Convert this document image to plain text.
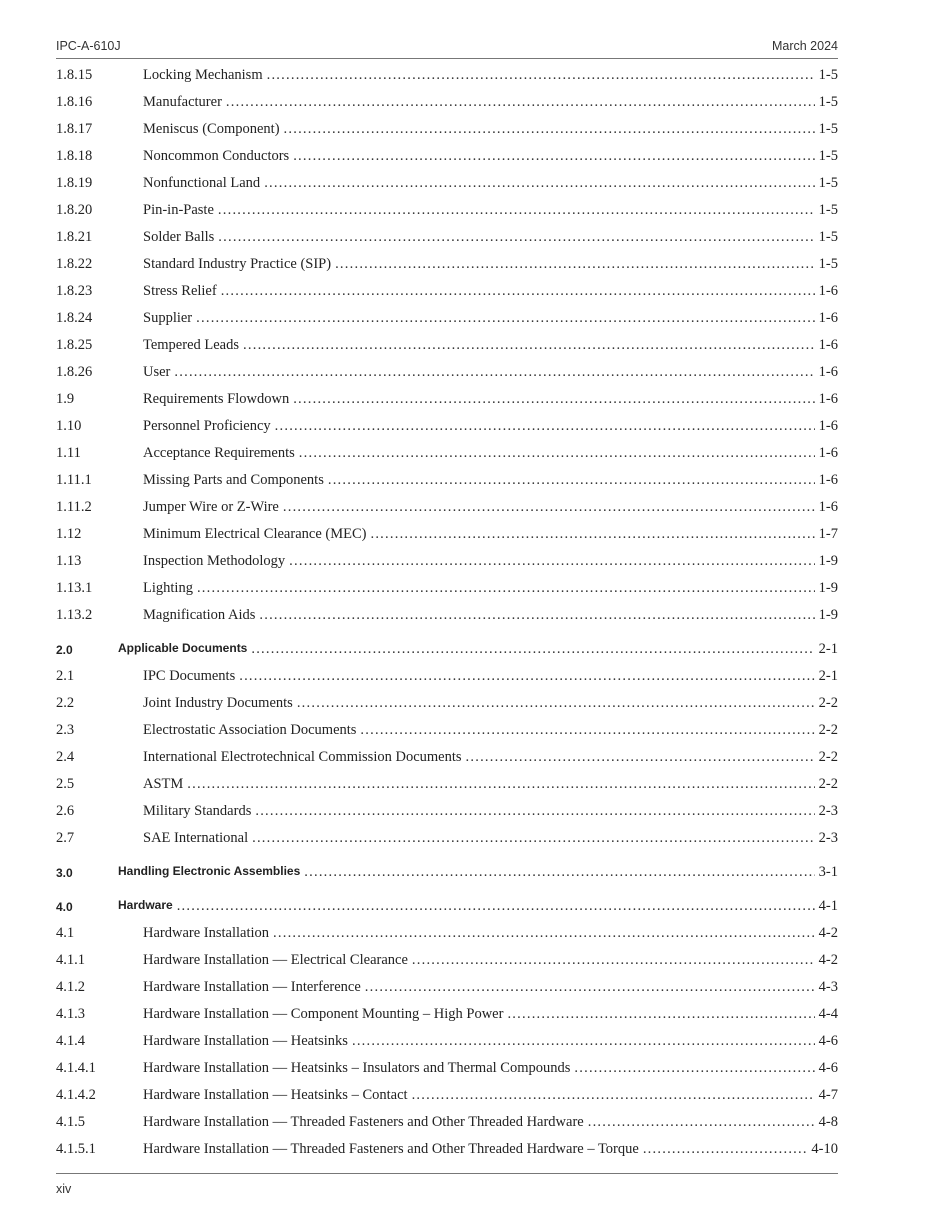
IPC-A-610J	March 2024
1.8.15	Locking Mechanism . . .	1-5
1.8.16	Manufacturer . . .	1-5
1.8.17	Meniscus (Component) . . .	1-5
1.8.18	Noncommon Conductors . . .	1-5
1.8.19	Nonfunctional Land . . .	1-5
1.8.20	Pin-in-Paste . . .	1-5
1.8.21	Solder Balls . . .	1-5
1.8.22	Standard Industry Practice (SIP) . . .	1-5
1.8.23	Stress Relief . . .	1-6
1.8.24	Supplier . . .	1-6
1.8.25	Tempered Leads . . .	1-6
1.8.26	User . . .	1-6
1.9	Requirements Flowdown . . .	1-6
1.10	Personnel Proficiency . . .	1-6
1.11	Acceptance Requirements . . .	1-6
1.11.1	Missing Parts and Components . . .	1-6
1.11.2	Jumper Wire or Z-Wire . . .	1-6
1.12	Minimum Electrical Clearance (MEC) . . .	1-7
1.13	Inspection Methodology . . .	1-9
1.13.1	Lighting . . .	1-9
1.13.2	Magnification Aids . . .	1-9
2.0	Applicable Documents . . .	2-1
2.1	IPC Documents . . .	2-1
2.2	Joint Industry Documents . . .	2-2
2.3	Electrostatic Association Documents . . .	2-2
2.4	International Electrotechnical Commission Documents . . .	2-2
2.5	ASTM . . .	2-2
2.6	Military Standards . . .	2-3
2.7	SAE International . . .	2-3
3.0	Handling Electronic Assemblies . . .	3-1
4.0	Hardware . . .	4-1
4.1	Hardware Installation . . .	4-2
4.1.1	Hardware Installation — Electrical Clearance . . .	4-2
4.1.2	Hardware Installation — Interference . . .	4-3
4.1.3	Hardware Installation — Component Mounting – High Power . . .	4-4
4.1.4	Hardware Installation — Heatsinks . . .	4-6
4.1.4.1	Hardware Installation — Heatsinks – Insulators and Thermal Compounds . . .	4-6
4.1.4.2	Hardware Installation — Heatsinks – Contact . . .	4-7
4.1.5	Hardware Installation — Threaded Fasteners and Other Threaded Hardware . . .	4-8
4.1.5.1	Hardware Installation — Threaded Fasteners and Other Threaded Hardware – Torque . . .	4-10
xiv
